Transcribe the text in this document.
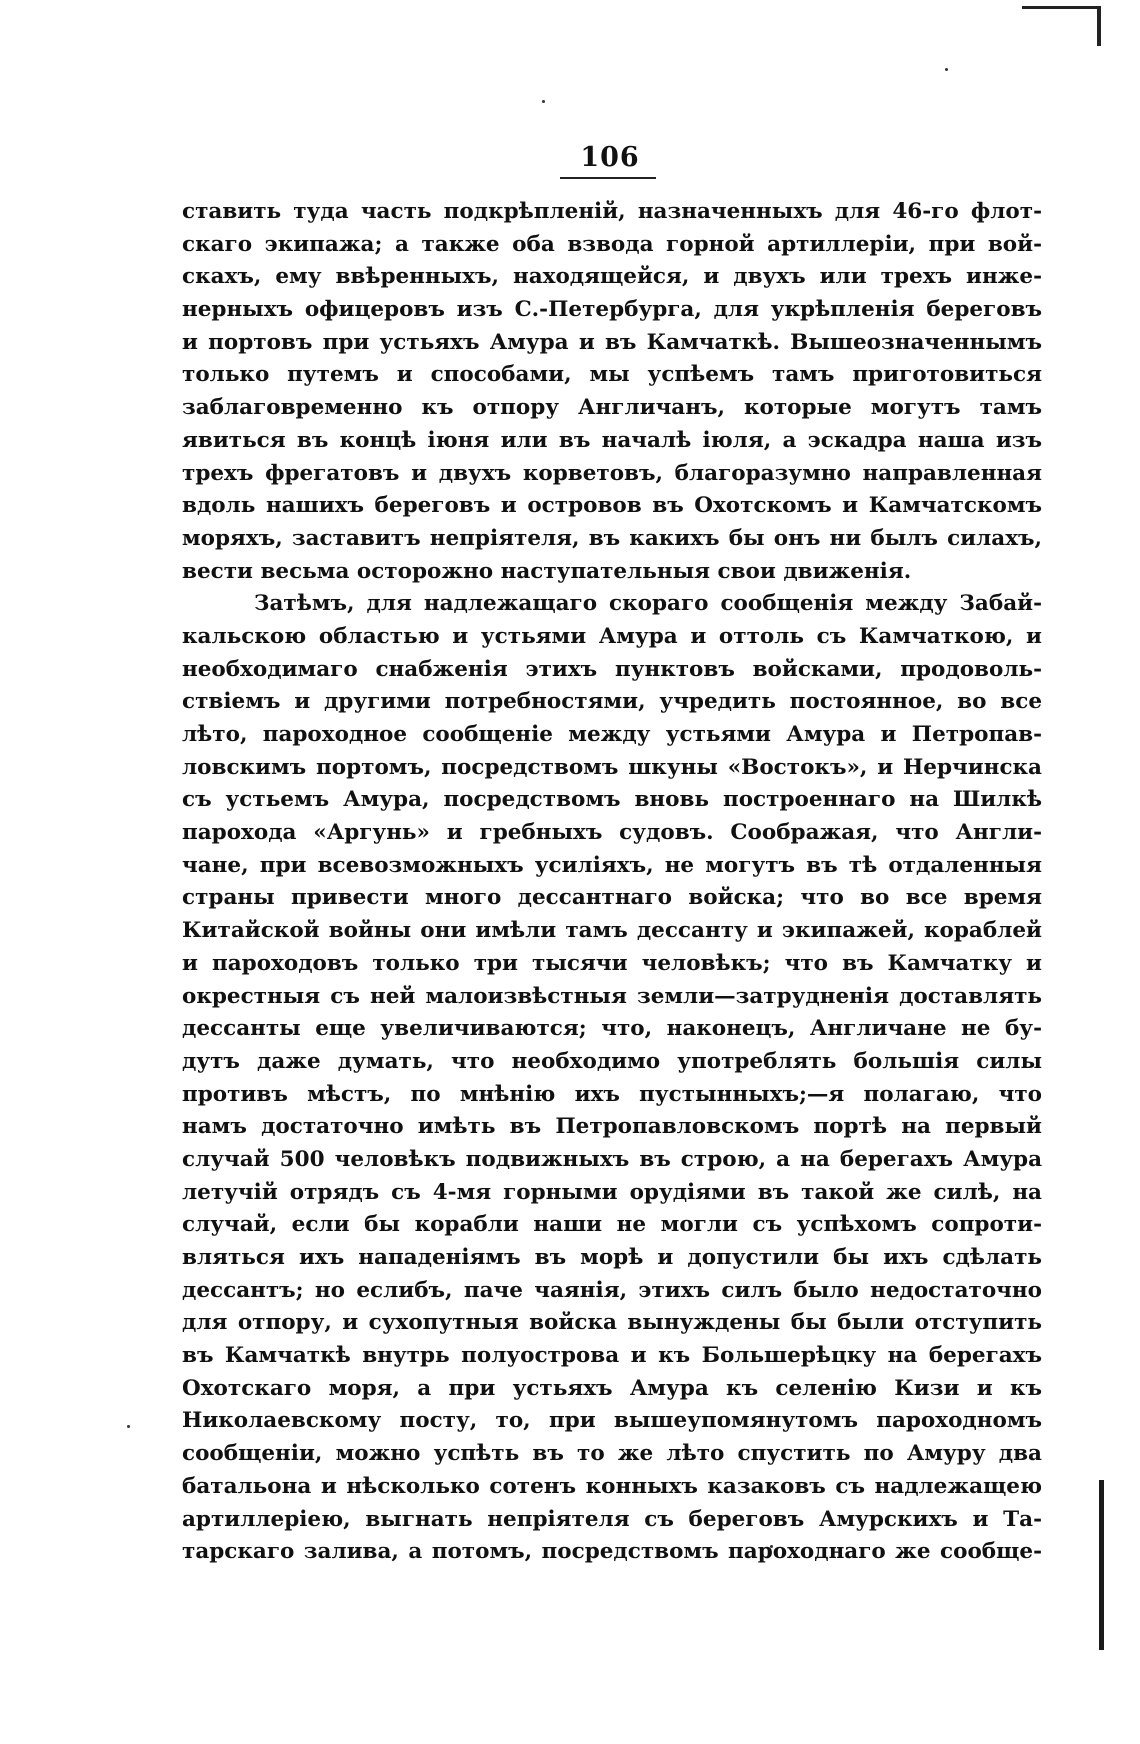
106
ставить туда часть подкрѣпленій, назначенныхъ для 46-го флот-
скаго экипажа; а также оба взвода горной артиллеріи, при вой-
скахъ, ему ввѣренныхъ, находящейся, и двухъ или трехъ инже-
нерныхъ офицеровъ изъ С.-Петербурга, для укрѣпленія береговъ
и портовъ при устьяхъ Амура и въ Камчаткѣ. Вышеозначеннымъ
только путемъ и способами, мы успѣемъ тамъ приготовиться
заблаговременно къ отпору Англичанъ, которые могутъ тамъ
явиться въ концѣ іюня или въ началѣ іюля, а эскадра наша изъ
трехъ фрегатовъ и двухъ корветовъ, благоразумно направленная
вдоль нашихъ береговъ и островов въ Охотскомъ и Камчатскомъ
моряхъ, заставитъ непріятеля, въ какихъ бы онъ ни былъ силахъ,
вести весьма осторожно наступательныя свои движенія.
Затѣмъ, для надлежащаго скораго сообщенія между Забай-
кальскою областью и устьями Амура и оттоль съ Камчаткою, и
необходимаго снабженія этихъ пунктовъ войсками, продоволь-
ствіемъ и другими потребностями, учредить постоянное, во все
лѣто, пароходное сообщеніе между устьями Амура и Петропав-
ловскимъ портомъ, посредствомъ шкуны «Востокъ», и Нерчинска
съ устьемъ Амура, посредствомъ вновь построеннаго на Шилкѣ
парохода «Аргунь» и гребныхъ судовъ. Соображая, что Англи-
чане, при всевозможныхъ усиліяхъ, не могутъ въ тѣ отдаленныя
страны привести много дессантнаго войска; что во все время
Китайской войны они имѣли тамъ дессанту и экипажей, кораблей
и пароходовъ только три тысячи человѣкъ; что въ Камчатку и
окрестныя съ ней малоизвѣстныя земли—затрудненія доставлять
дессанты еще увеличиваются; что, наконецъ, Англичане не бу-
дутъ даже думать, что необходимо употреблять большія силы
противъ мѣстъ, по мнѣнію ихъ пустынныхъ;—я полагаю, что
намъ достаточно имѣть въ Петропавловскомъ портѣ на первый
случай 500 человѣкъ подвижныхъ въ строю, а на берегахъ Амура
летучій отрядъ съ 4-мя горными орудіями въ такой же силѣ, на
случай, если бы корабли наши не могли съ успѣхомъ сопроти-
вляться ихъ нападеніямъ въ морѣ и допустили бы ихъ сдѣлать
дессантъ; но еслибъ, паче чаянія, этихъ силъ было недостаточно
для отпору, и сухопутныя войска вынуждены бы были отступить
въ Камчаткѣ внутрь полуострова и къ Большерѣцку на берегахъ
Охотскаго моря, а при устьяхъ Амура къ селенію Кизи и къ
Николаевскому посту, то, при вышеупомянутомъ пароходномъ
сообщеніи, можно успѣть въ то же лѣто спустить по Амуру два
батальона и нѣсколько сотенъ конныхъ казаковъ съ надлежащею
артиллеріею, выгнать непріятеля съ береговъ Амурскихъ и Та-
тарскаго залива, а потомъ, посредствомъ пароходнаго же сообще-
